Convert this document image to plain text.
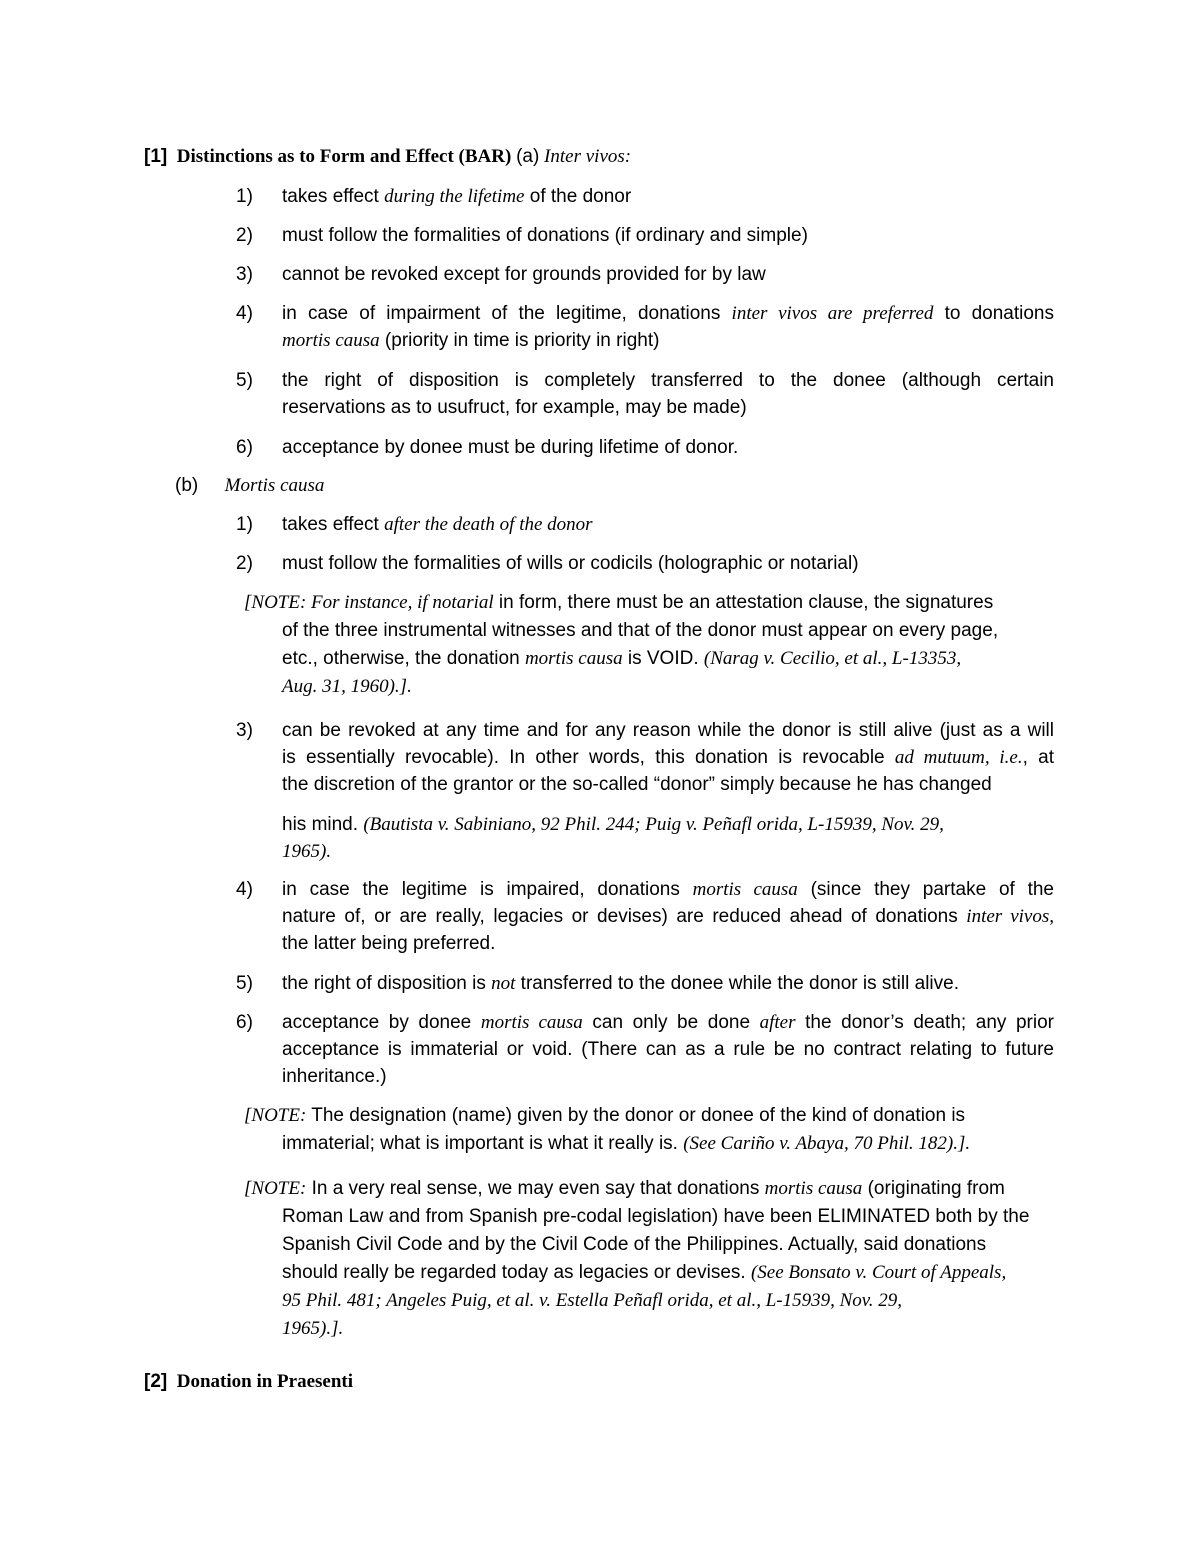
[1] Distinctions as to Form and Effect (BAR) (a) Inter vivos:
1)	takes effect during the lifetime of the donor
2)	must follow the formalities of donations (if ordinary and simple)
3)	cannot be revoked except for grounds provided for by law
4)	in case of impairment of the legitime, donations inter vivos are preferred to donations
mortis causa (priority in time is priority in right)
5)	the right of disposition is completely transferred to the donee (although certain
reservations as to usufruct, for example, may be made)
6)	acceptance by donee must be during lifetime of donor.
(b) Mortis causa
1)	takes effect after the death of the donor
2)	must follow the formalities of wills or codicils (holographic or notarial)
[NOTE: For instance, if notarial in form, there must be an attestation clause, the signatures
of the three instrumental witnesses and that of the donor must appear on every page,
etc., otherwise, the donation mortis causa is VOID. (Narag v. Cecilio, et al., L-13353,
Aug. 31, 1960).].
3)	can be revoked at any time and for any reason while the donor is still alive (just as a will
is essentially revocable). In other words, this donation is revocable ad mutuum, i.e., at
the discretion of the grantor or the so-called “donor” simply because he has changed
his mind. (Bautista v. Sabiniano, 92 Phil. 244; Puig v. Peñafl orida, L-15939, Nov. 29,
1965).
4)	in case the legitime is impaired, donations mortis causa (since they partake of the
nature of, or are really, legacies or devises) are reduced ahead of donations inter vivos,
the latter being preferred.
5)	the right of disposition is not transferred to the donee while the donor is still alive.
6)	acceptance by donee mortis causa can only be done after the donor’s death; any prior
acceptance is immaterial or void. (There can as a rule be no contract relating to future
inheritance.)
[NOTE: The designation (name) given by the donor or donee of the kind of donation is
immaterial; what is important is what it really is. (See Cariño v. Abaya, 70 Phil. 182).].
[NOTE: In a very real sense, we may even say that donations mortis causa (originating from
Roman Law and from Spanish pre-codal legislation) have been ELIMINATED both by the
Spanish Civil Code and by the Civil Code of the Philippines. Actually, said donations
should really be regarded today as legacies or devises. (See Bonsato v. Court of Appeals,
95 Phil. 481; Angeles Puig, et al. v. Estella Peñafl orida, et al., L-15939, Nov. 29,
1965).].
[2] Donation in Praesenti
